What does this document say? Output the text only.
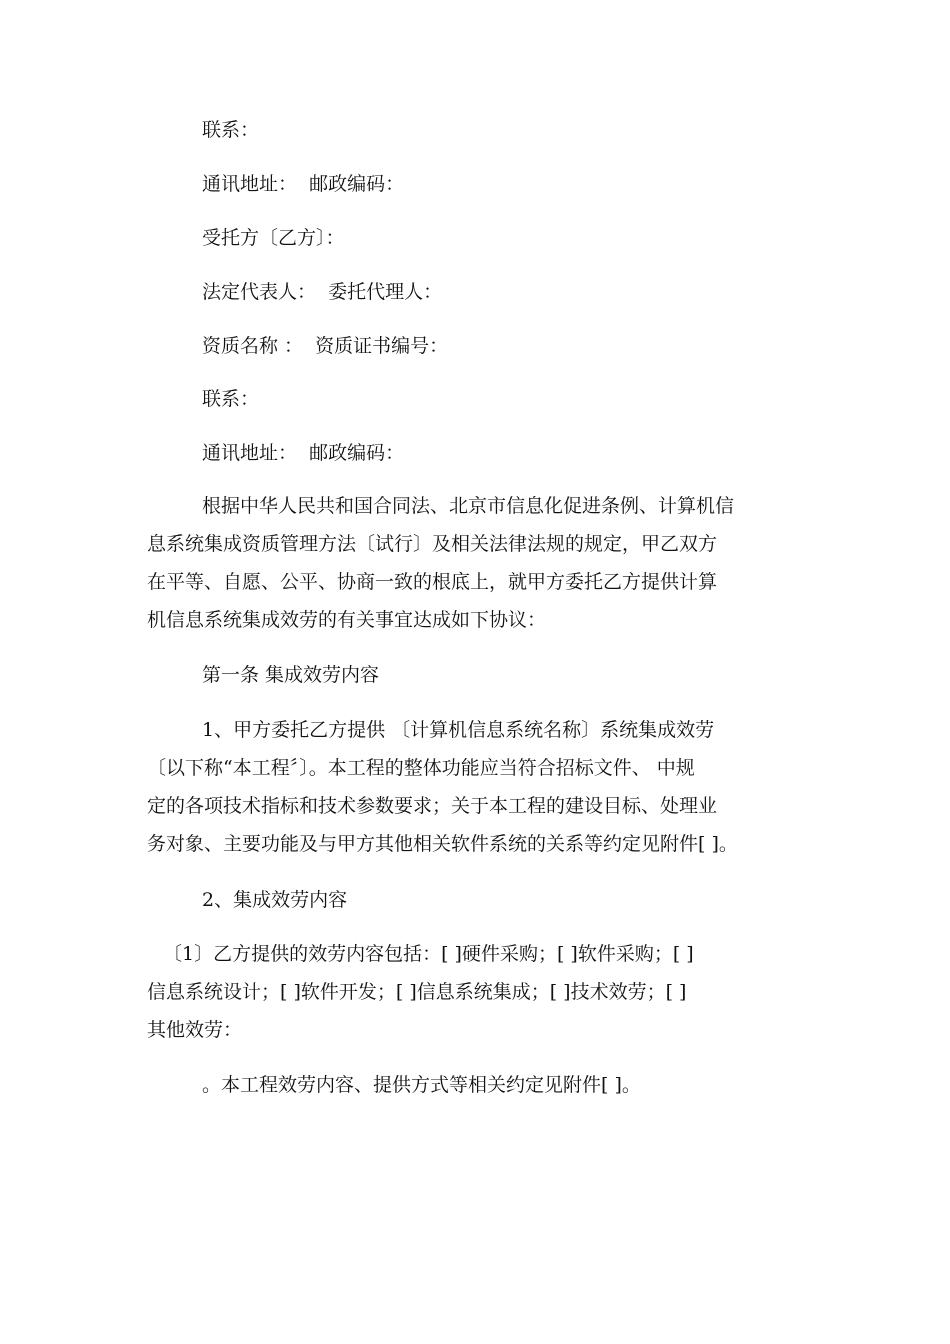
联系：
通讯地址：  邮政编码：
受托方〔乙方〕：
法定代表人：  委托代理人：
资质名称 ：  资质证书编号：
联系：
通讯地址：  邮政编码：
根据中华人民共和国合同法、北京市信息化促进条例、计算机信
息系统集成资质管理方法〔试行〕及相关法律法规的规定，甲乙双方
在平等、自愿、公平、协商一致的根底上，就甲方委托乙方提供计算
机信息系统集成效劳的有关事宜达成如下协议：
第一条 集成效劳内容
1、甲方委托乙方提供 〔计算机信息系统名称〕系统集成效劳
〔以下称“本工程〞〕。本工程的整体功能应当符合招标文件、 中规
定的各项技术指标和技术参数要求；关于本工程的建设目标、处理业
务对象、主要功能及与甲方其他相关软件系统的关系等约定见附件[ ]。
2、集成效劳内容
〔1〕乙方提供的效劳内容包括：[ ]硬件采购；[ ]软件采购；[ ]
信息系统设计；[ ]软件开发；[ ]信息系统集成；[ ]技术效劳；[ ]
其他效劳：
。本工程效劳内容、提供方式等相关约定见附件[ ]。
